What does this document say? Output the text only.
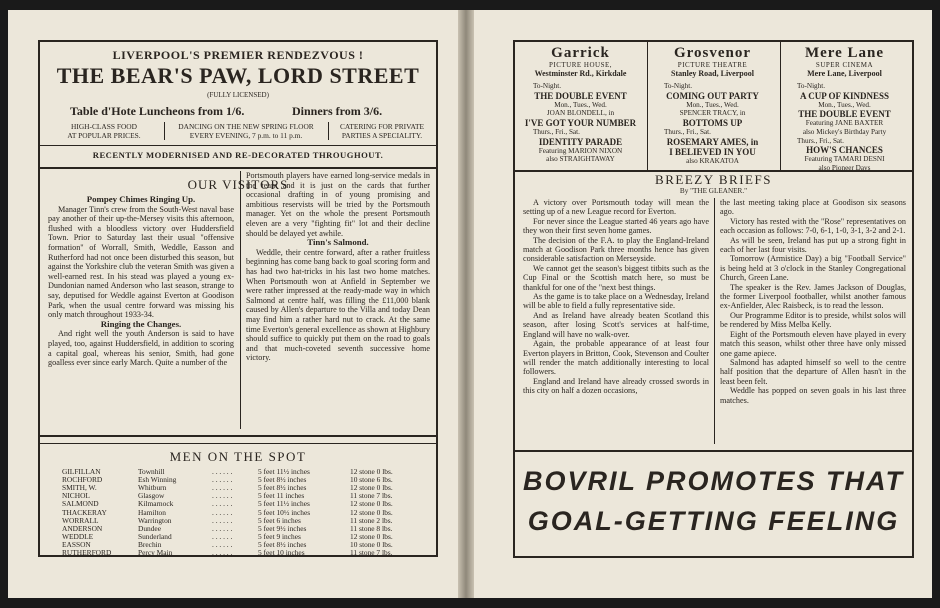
LIVERPOOL'S PREMIER RENDEZVOUS !
THE BEAR'S PAW, LORD STREET
(FULLY LICENSED)
Table d'Hote Luncheons from 1/6.	Dinners from 3/6.
HIGH-CLASS FOOD
AT POPULAR PRICES.
DANCING ON THE NEW SPRING FLOOR
EVERY EVENING, 7 p.m. to 11 p.m.
CATERING FOR PRIVATE
PARTIES A SPECIALITY.
RECENTLY MODERNISED AND RE-DECORATED THROUGHOUT.
OUR VISITORS

Pompey Chimes Ringing Up.

Manager Tinn's crew from the South-West naval base pay another of their up-the-Mersey visits this afternoon, flushed with a bloodless victory over Huddersfield Town. Prior to Saturday last their usual "offensive formation" of Worrall, Smith, Weddle, Easson and Rutherford had not once been disturbed this season, but against the Yorkshire club the veteran Smith was given a well-earned rest. In his stead was played a young ex-Dundonian named Anderson who last season, strange to say, deputised for Weddle against Everton at Goodison Park, when the usual centre forward was missing his only match throughout 1933-34.

Ringing the Changes.

And right well the youth Anderson is said to have played, too, against Huddersfield, in addition to scoring a capital goal, whereas his senior, Smith, had gone goalless ever since early March. Quite a number of the

Portsmouth players have earned long-service medals in the team and it is just on the cards that further occasional drafting in of young promising and ambitious reservists will be tried by the Portsmouth manager. Yet on the whole the present Portsmouth eleven are a very "fighting fit" lot and their decline should be delayed yet awhile.

Tinn's Salmond.

Weddle, their centre forward, after a rather fruitless beginning has come bang back to goal scoring form and has had two hat-tricks in his last two home matches. When Portsmouth won at Anfield in September we were rather impressed at the ready-made way in which Salmond at centre half, was filling the £11,000 blank caused by Allen's departure to the Villa and today Dean may find him a rather hard nut to crack. At the same time Everton's general excellence as shown at Highbury should suffice to quickly put them on the road to goals and that much-coveted seventh successive home victory.

MEN ON THE SPOT
GILFILLAN	Townhill	5 feet 11½ inches	12 stone 0 lbs.
. . . . . .
ROCHFORD	Esh Winning	5 feet 8½ inches	10 stone 6 lbs.
. . . . . .
SMITH, W.	Whitburn	5 feet 8½ inches	12 stone 0 lbs.
. . . . . .
NICHOL	Glasgow	5 feet 11 inches	11 stone 7 lbs.
. . . . . .
SALMOND	Kilmarnock	5 feet 11½ inches	12 stone 0 lbs.
. . . . . .
THACKERAY	Hamilton	5 feet 10½ inches	12 stone 0 lbs.
. . . . . .
WORRALL	Warrington	5 feet 6 inches	11 stone 2 lbs.
. . . . . .
ANDERSON	Dundee	5 feet 9½ inches	11 stone 8 lbs.
. . . . . .
WEDDLE	Sunderland	5 feet 9 inches	12 stone 0 lbs.
. . . . . .
EASSON	Brechin	5 feet 8½ inches	10 stone 0 lbs.
. . . . . .
RUTHERFORD	Percy Main	5 feet 10 inches	11 stone 7 lbs.
. . . . . .
Garrick
PICTURE HOUSE,
Westminster Rd., Kirkdale
To-Night.
THE DOUBLE EVENT
Mon., Tues., Wed.
JOAN BLONDELL, in
I'VE GOT YOUR NUMBER
Thurs., Fri., Sat.
IDENTITY PARADE
Featuring MARION NIXON
also STRAIGHTAWAY
Grosvenor
PICTURE THEATRE
Stanley Road, Liverpool
To-Night.
COMING OUT PARTY
Mon., Tues., Wed.
SPENCER TRACY, in
BOTTOMS UP
Thurs., Fri., Sat.
ROSEMARY AMES, in
I BELIEVED IN YOU
also KRAKATOA
Mere Lane
SUPER CINEMA
Mere Lane, Liverpool
To-Night.
A CUP OF KINDNESS
Mon., Tues., Wed.
THE DOUBLE EVENT
Featuring JANE BAXTER
also Mickey's Birthday Party
Thurs., Fri., Sat.
HOW'S CHANCES
Featuring TAMARI DESNI
also Pioneer Days
BREEZY BRIEFS
By "THE GLEANER."

A victory over Portsmouth today will mean the setting up of a new League record for Everton.

For never since the League started 46 years ago have they won their first seven home games.

The decision of the F.A. to play the England-Ireland match at Goodison Park three months hence has given considerable satisfaction on Merseyside.

We cannot get the season's biggest titbits such as the Cup Final or the Scottish match here, so must be thankful for one of the "next best things.

As the game is to take place on a Wednesday, Ireland will be able to field a fully representative side.

And as Ireland have already beaten Scotland this season, after losing Scott's services at half-time, England will have no walk-over.

Again, the probable appearance of at least four Everton players in Britton, Cook, Stevenson and Coulter will render the match additionally interesting to local followers.

England and Ireland have already crossed swords in this city on half a dozen occasions,

the last meeting taking place at Goodison six seasons ago.

Victory has rested with the "Rose" representatives on each occasion as follows: 7-0, 6-1, 1-0, 3-1, 3-2 and 2-1.

As will be seen, Ireland has put up a strong fight in each of her last four visits.

Tomorrow (Armistice Day) a big "Football Service" is being held at 3 o'clock in the Stanley Congregational Church, Green Lane.

The speaker is the Rev. James Jackson of Douglas, the former Liverpool footballer, whilst another famous ex-Anfielder, Alec Raisbeck, is to read the lesson.

Our Programme Editor is to preside, whilst solos will be rendered by Miss Melba Kelly.

Eight of the Portsmouth eleven have played in every match this season, whilst other three have only missed one game apiece.

Salmond has adapted himself so well to the centre half position that the departure of Allen hasn't in the least been felt.

Weddle has popped on seven goals in his last three matches.

BOVRIL PROMOTES THAT
GOAL-GETTING FEELING
